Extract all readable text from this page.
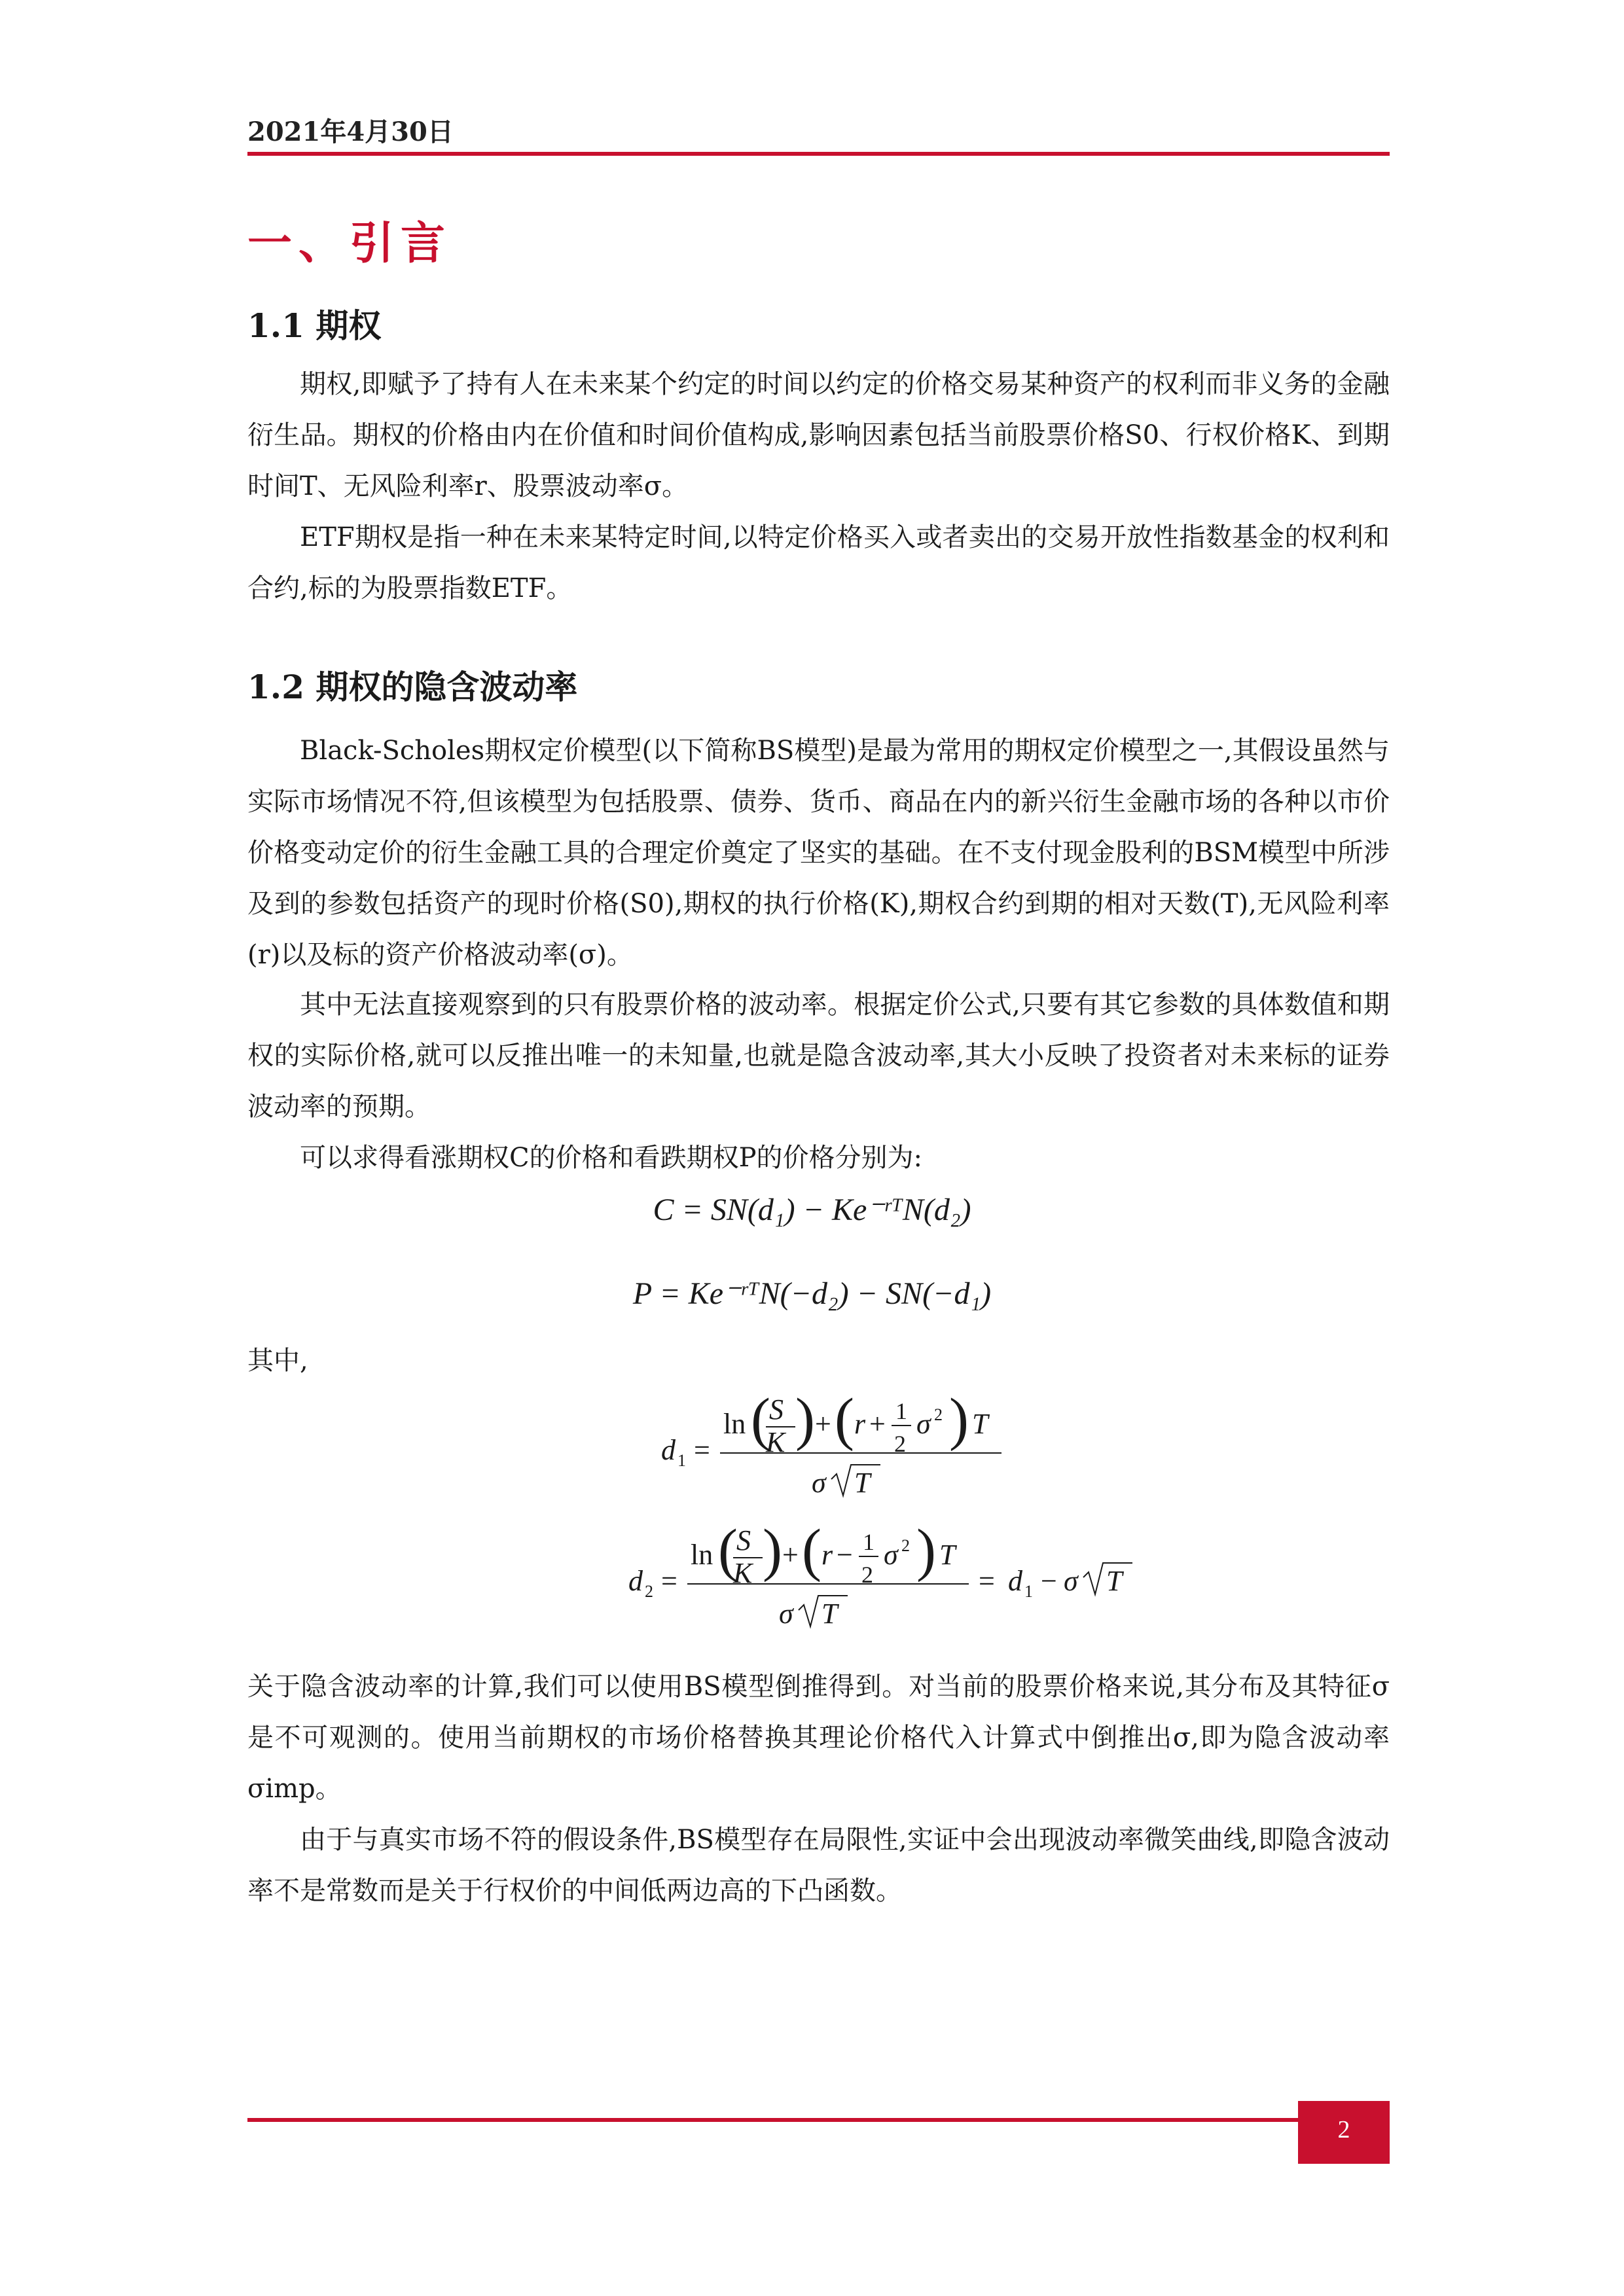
2021年4月30日
一、引言
1.1 期权
期权,即赋予了持有人在未来某个约定的时间以约定的价格交易某种资产的权利而非义务的金融衍生品。期权的价格由内在价值和时间价值构成,影响因素包括当前股票价格S0、行权价格K、到期时间T、无风险利率r、股票波动率σ。
ETF期权是指一种在未来某特定时间,以特定价格买入或者卖出的交易开放性指数基金的权利和合约,标的为股票指数ETF。
1.2 期权的隐含波动率
Black-Scholes期权定价模型(以下简称BS模型)是最为常用的期权定价模型之一,其假设虽然与实际市场情况不符,但该模型为包括股票、债券、货币、商品在内的新兴衍生金融市场的各种以市价价格变动定价的衍生金融工具的合理定价奠定了坚实的基础。在不支付现金股利的BSM模型中所涉及到的参数包括资产的现时价格(S0),期权的执行价格(K),期权合约到期的相对天数(T),无风险利率(r)以及标的资产价格波动率(σ)。
其中无法直接观察到的只有股票价格的波动率。根据定价公式,只要有其它参数的具体数值和期权的实际价格,就可以反推出唯一的未知量,也就是隐含波动率,其大小反映了投资者对未来标的证券波动率的预期。
可以求得看涨期权C的价格和看跌期权P的价格分别为:
C = SN(d₁) − Ke⁻ʳᵀN(d₂)
P = Ke⁻ʳᵀN(−d₂) − SN(−d₁)
其中,
d 1 =
ln (
S
K ) + ( r + 1
2
σ 2 ) T
σ T
d 2 =
ln (
S
K ) + ( r − 1
2
σ 2 ) T
σ T
= d 1 − σ T
关于隐含波动率的计算,我们可以使用BS模型倒推得到。对当前的股票价格来说,其分布及其特征σ是不可观测的。使用当前期权的市场价格替换其理论价格代入计算式中倒推出σ,即为隐含波动率σimp。
由于与真实市场不符的假设条件,BS模型存在局限性,实证中会出现波动率微笑曲线,即隐含波动率不是常数而是关于行权价的中间低两边高的下凸函数。
2
